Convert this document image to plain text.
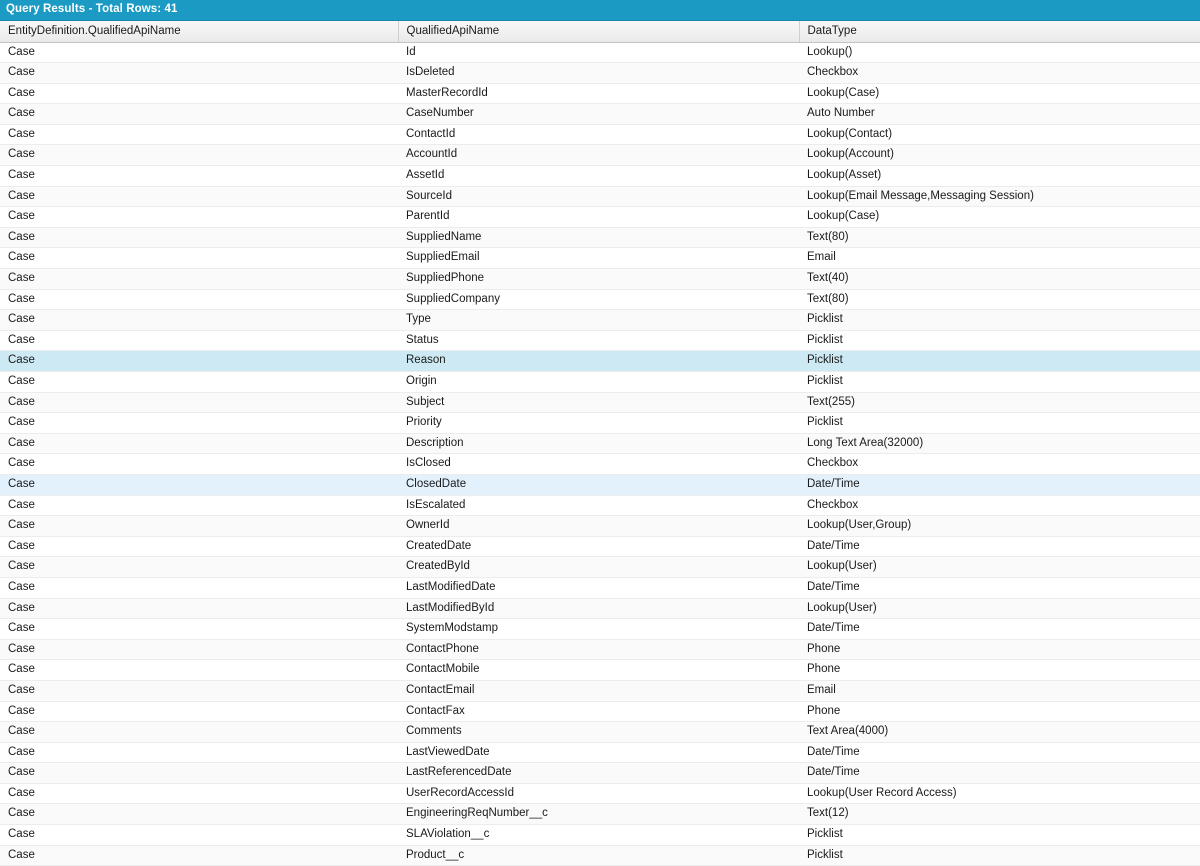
Query Results - Total Rows: 41
EntityDefinition.QualifiedApiName	QualifiedApiName	DataType
Case	Id	Lookup()
Case	IsDeleted	Checkbox
Case	MasterRecordId	Lookup(Case)
Case	CaseNumber	Auto Number
Case	ContactId	Lookup(Contact)
Case	AccountId	Lookup(Account)
Case	AssetId	Lookup(Asset)
Case	SourceId	Lookup(Email Message,Messaging Session)
Case	ParentId	Lookup(Case)
Case	SuppliedName	Text(80)
Case	SuppliedEmail	Email
Case	SuppliedPhone	Text(40)
Case	SuppliedCompany	Text(80)
Case	Type	Picklist
Case	Status	Picklist
Case	Reason	Picklist
Case	Origin	Picklist
Case	Subject	Text(255)
Case	Priority	Picklist
Case	Description	Long Text Area(32000)
Case	IsClosed	Checkbox
Case	ClosedDate	Date/Time
Case	IsEscalated	Checkbox
Case	OwnerId	Lookup(User,Group)
Case	CreatedDate	Date/Time
Case	CreatedById	Lookup(User)
Case	LastModifiedDate	Date/Time
Case	LastModifiedById	Lookup(User)
Case	SystemModstamp	Date/Time
Case	ContactPhone	Phone
Case	ContactMobile	Phone
Case	ContactEmail	Email
Case	ContactFax	Phone
Case	Comments	Text Area(4000)
Case	LastViewedDate	Date/Time
Case	LastReferencedDate	Date/Time
Case	UserRecordAccessId	Lookup(User Record Access)
Case	EngineeringReqNumber__c	Text(12)
Case	SLAViolation__c	Picklist
Case	Product__c	Picklist
